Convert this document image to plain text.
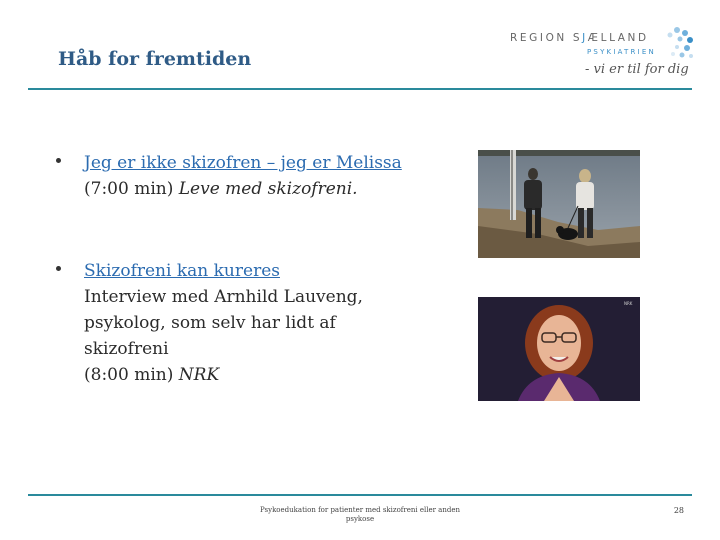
Håb for fremtiden
REGION SJÆLLAND
PSYKIATRIEN
- vi er til for dig
Jeg er ikke skizofren – jeg er Melissa
(7:00 min) Leve med skizofreni.
Skizofreni kan kureres
Interview med Arnhild Lauveng,
psykolog, som selv har lidt af
skizofreni
(8:00 min) NRK
NRK
Psykoedukation for patienter med skizofreni eller anden psykose
28
